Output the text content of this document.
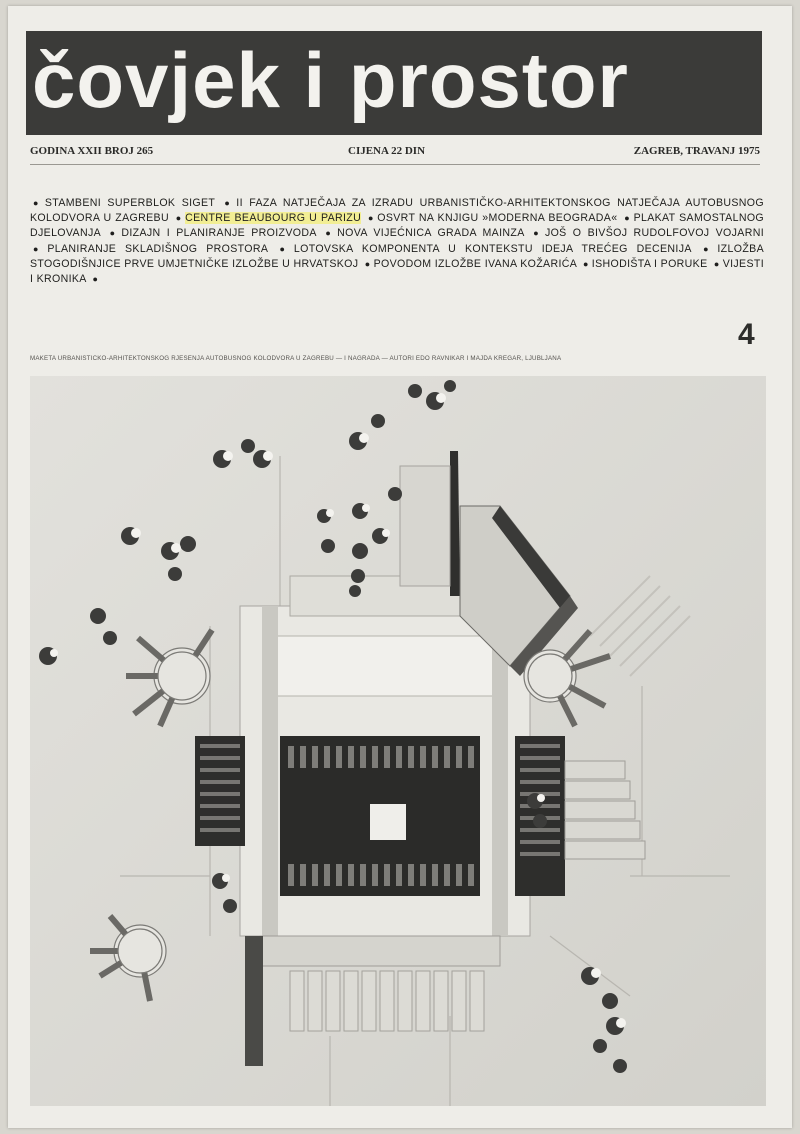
čovjek i prostor
GODINA XXII BROJ 265	CIJENA 22 DIN	ZAGREB, TRAVANJ 1975
● STAMBENI SUPERBLOK SIGET ● II FAZA NATJEČAJA ZA IZRADU URBANISTIČKO-ARHITEKTONSKOG NATJEČAJA AUTOBUSNOG KOLODVORA U ZAGREBU ● CENTRE BEAUBOURG U PARIZU ● OSVRT NA KNJIGU »MODERNA BEOGRADA« ● PLAKAT SAMOSTALNOG DJELOVANJA ● DIZAJN I PLANIRANJE PROIZVODA ● NOVA VIJEĆNICA GRADA MAINZA ● JOŠ O BIVŠOJ RUDOLFOVOJ VOJARNI ● PLANIRANJE SKLADIŠNOG PROSTORA ● LOTOVSKA KOMPONENTA U KONTEKSTU IDEJA TREĆEG DECENIJA ● IZLOŽBA STOGODIŠNJICE PRVE UMJETNIČKE IZLOŽBE U HRVATSKOJ ● POVODOM IZLOŽBE IVANA KOŽARIĆA ● ISHODIŠTA I PORUKE ● VIJESTI I KRONIKA ●
4
MAKETA URBANISTIČKO-ARHITEKTONSKOG RJEŠENJA AUTOBUSNOG KOLODVORA U ZAGREBU — I NAGRADA — AUTORI EDO RAVNIKAR I MAJDA KREGAR, LJUBLJANA
